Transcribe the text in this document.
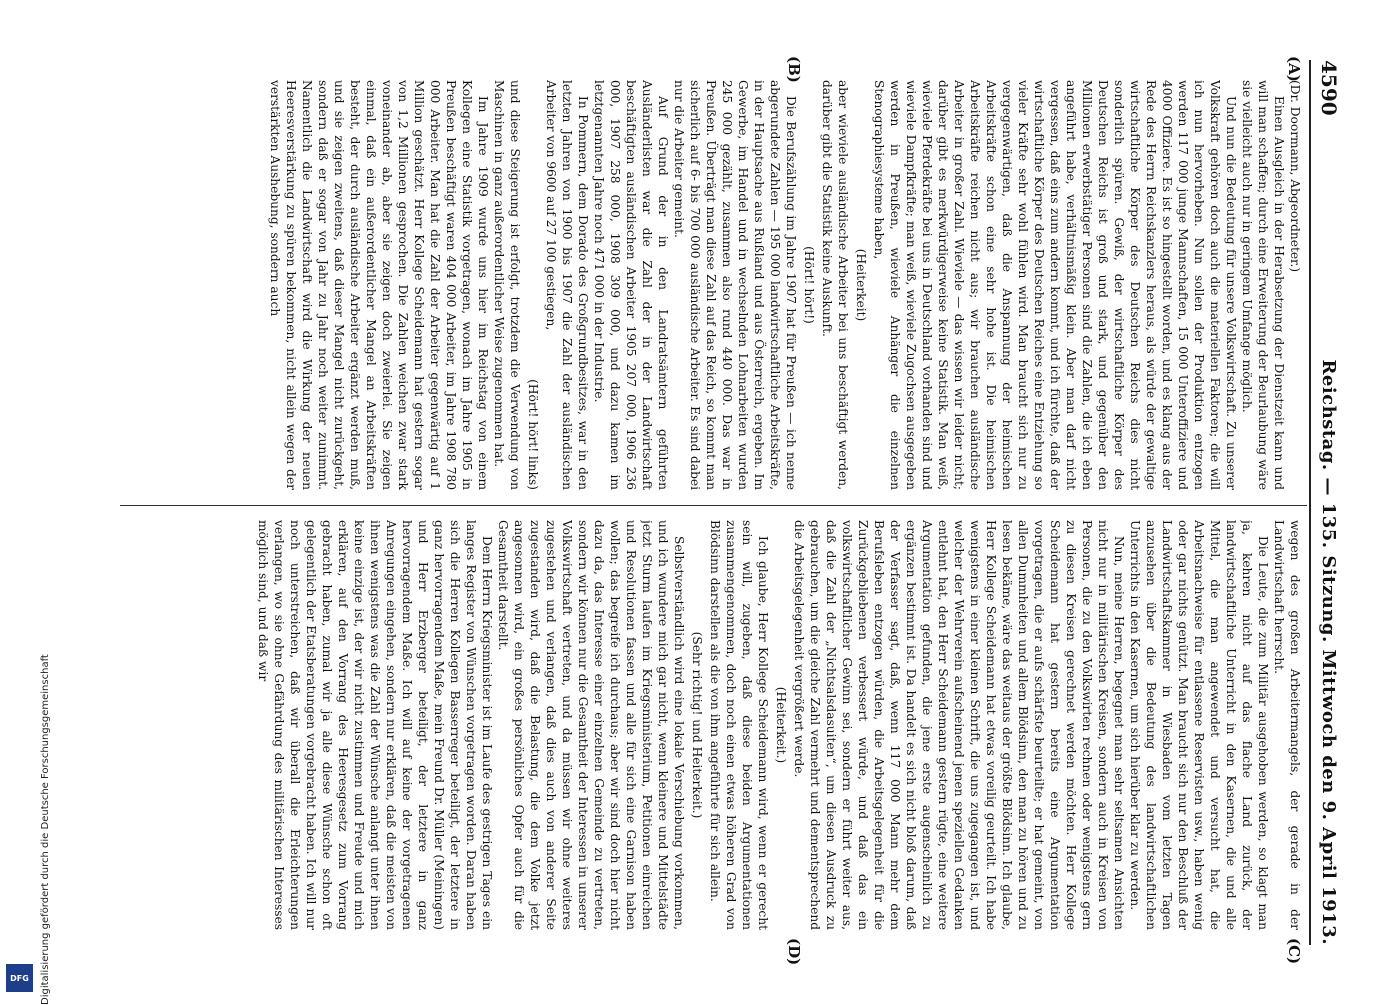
4590
Reichstag. — 135. Sitzung. Mittwoch den 9. April 1913.
(A)
(B)
(C)
(D)

(Dr. Doormann, Abgeordneter.)

Einen Ausgleich in der Herabsetzung der Dienstzeit kann und will man schaffen; durch eine Erweiterung der Beurlaubung wäre sie vielleicht auch nur in geringem Umfange möglich.

Und nun die Bedeutung für unsere Volkswirtschaft. Zu unserer Volkskraft gehören doch auch die materiellen Faktoren; die will ich nun hervorheben. Nun sollen der Produktion entzogen werden 117 000 junge Mannschaften, 15 000 Unteroffiziere und 4000 Offiziere. Es ist so hingestellt worden, und es klang aus der Rede des Herrn Reichskanzlers heraus, als würde der gewaltige wirtschaftliche Körper des Deutschen Reichs dies nicht sonderlich spüren. Gewiß, der wirtschaftliche Körper des Deutschen Reichs ist groß und stark, und gegenüber den Millionen erwerbstätiger Personen sind die Zahlen, die ich eben angeführt habe, verhältnismäßig klein. Aber man darf nicht vergessen, daß eins zum andern kommt, und ich fürchte, daß der wirtschaftliche Körper des Deutschen Reiches eine Entziehung so vieler Kräfte sehr wohl fühlen wird. Man braucht sich nur zu vergegenwärtigen, daß die Anspannung der heimischen Arbeitskräfte schon eine sehr hohe ist. Die heimischen Arbeitskräfte reichen nicht aus; wir brauchen ausländische Arbeiter in großer Zahl. Wieviele — das wissen wir leider nicht; darüber gibt es merkwürdigerweise keine Statistik. Man weiß, wieviele Pferdekräfte bei uns in Deutschland vorhanden sind und wieviele Dampfkräfte; man weiß, wieviele Zugochsen ausgegeben werden in Preußen, wieviele Anhänger die einzelnen Stenographiesysteme haben,

(Heiterkeit)

aber wieviele ausländische Arbeiter bei uns beschäftigt werden, darüber gibt die Statistik keine Auskunft.

(Hört! hört!)

Die Berufszählung im Jahre 1907 hat für Preußen — ich nenne abgerundete Zahlen — 195 000 landwirtschaftliche Arbeitskräfte, in der Hauptsache aus Rußland und aus Österreich, ergeben. Im Gewerbe, im Handel und in wechselnden Lohnarbeiten wurden 245 000 gezählt, zusammen also rund 440 000. Das war in Preußen. Überträgt man diese Zahl auf das Reich, so kommt man sicherlich auf 6- bis 700 000 ausländische Arbeiter. Es sind dabei nur die Arbeiter gemeint.

Auf Grund der in den Landratsämtern geführten Ausländerlisten war die Zahl der in der Landwirtschaft beschäftigten ausländischen Arbeiter 1905 207 000, 1906 236 000, 1907 258 000, 1908 309 000, und dazu kamen im letztgenannten Jahre noch 471 000 in der Industrie.

In Pommern, dem Dorado des Großgrundbesitzes, war in den letzten Jahren von 1900 bis 1907 die Zahl der ausländischen Arbeiter von 9600 auf 27 100 gestiegen,

(Hört! hört! links)

und diese Steigerung ist erfolgt, trotzdem die Verwendung von Maschinen in ganz außerordentlicher Weise zugenommen hat.

Im Jahre 1909 wurde uns hier im Reichstag von einem Kollegen eine Statistik vorgetragen, wonach im Jahre 1905 in Preußen beschäftigt waren 404 000 Arbeiter, im Jahre 1908 780 000 Arbeiter. Man hat die Zahl der Arbeiter gegenwärtig auf 1 Million geschätzt. Herr Kollege Scheidemann hat gestern sogar von 1,2 Millionen gesprochen. Die Zahlen weichen zwar stark voneinander ab, aber sie zeigen doch zweierlei. Sie zeigen einmal, daß ein außerordentlicher Mangel an Arbeitskräften besteht, der durch ausländische Arbeiter ergänzt werden muß, und sie zeigen zweitens, daß dieser Mangel nicht zurückgeht, sondern daß er sogar von Jahr zu Jahr noch weiter zunimmt. Namentlich die Landwirtschaft wird die Wirkung der neuen Heeresverstärkung zu spüren bekommen, nicht allein wegen der verstärkten Aushebung, sondern auch

wegen des großen Arbeitermangels, der gerade in der Landwirtschaft herrscht.

Die Leute, die zum Militär ausgehoben werden, so klagt man ja, kehren nicht auf das flache Land zurück, der landwirtschaftliche Unterricht in den Kasernen, die und alle Mittel, die man angewendet und versucht hat, die Arbeitsnachweise für entlassene Reservisten usw., haben wenig oder gar nichts genützt. Man braucht sich nur den Beschluß der Landwirtschaftskammer in Wiesbaden vom letzten Tagen anzusehen über die Bedeutung des landwirtschaftlichen Unterrichts in den Kasernen, um sich hierüber klar zu werden.

Nun, meine Herren, begegnet man sehr seltsamen Ansichten nicht nur in militärischen Kreisen, sondern auch in Kreisen von Personen, die zu den Volkswirten rechnen oder wenigstens gern zu diesen Kreisen gerechnet werden möchten. Herr Kollege Scheidemann hat gestern bereits eine Argumentation vorgetragen, die er aufs schärfste beurteilte; er hat gemeint, von allen Dummheiten und allem Blödsinn, den man zu hören und zu lesen bekäme, wäre das weitaus der größte Blödsinn. Ich glaube, Herr Kollege Scheidemann hat etwas voreilig geurteilt. Ich habe wenigstens in einer kleinen Schrift, die uns zugegangen ist, und welcher der Wehrverein aufscheinend jenen speziellen Gedanken entlehnt hat, den Herr Scheidemann gestern rügte, eine weitere Argumentation gefunden, die jene erste augenscheinlich zu ergänzen bestimmt ist. Da handelt es sich nicht bloß darum, daß der Verfasser sagt, daß, wenn 117 000 Mann mehr dem Berufsleben entzogen würden, die Arbeitsgelegenheit für die Zurückgebliebenen verbessert würde, und daß das ein volkswirtschaftlicher Gewinn sei, sondern er führt weiter aus, daß die Zahl der „Nichtsalsdasuiten“, um diesen Ausdruck zu gebrauchen, um die gleiche Zahl vermehrt und dementsprechend die Arbeitsgelegenheit vergrößert werde.

(Heiterkeit.)

Ich glaube, Herr Kollege Scheidemann wird, wenn er gerecht sein will, zugeben, daß diese beiden Argumentationen zusammengenommen, doch noch einen etwas höheren Grad von Blödsinn darstellen als die von ihm angeführte für sich allein.

(Sehr richtig! und Heiterkeit.)

Selbstverständlich wird eine lokale Verschiebung vorkommen, und ich wundere mich gar nicht, wenn kleinere und Mittelstädte jetzt Sturm laufen im Kriegsministerium, Petitionen einreichen und Resolutionen fassen und alle für sich eine Garnison haben wollen; das begreife ich durchaus; aber wir sind doch hier nicht dazu da, das Interesse einer einzelnen Gemeinde zu vertreten, sondern wir können nur die Gesamtheit der Interessen in unserer Volkswirtschaft vertreten, und da müssen wir ohne weiteres zugestehen und verlangen, daß dies auch von anderer Seite zugestanden wird, daß die Belastung, die dem Volke jetzt angesonnen wird, ein großes persönliches Opfer auch für die Gesamtheit darstellt.

Dem Herrn Kriegsminister ist im Laufe des gestrigen Tages ein langes Register von Wünschen vorgetragen worden. Daran haben sich die Herren Kollegen Basserreger beteiligt, der letztere in ganz hervorragendem Maße, mein Freund Dr. Müller (Meiningen) und Herr Erzberger beteiligt, der letztere in ganz hervorragendem Maße. Ich will auf keine der vorgetragenen Anregungen eingehen, sondern nur erklären, daß die meisten von ihnen wenigstens was die Zahl der Wünsche anlangt unter ihnen keine einzige ist, der wir nicht zustimmen und Freude und mich erklären, auf den Vorrang des Heeresgesetz zum Vorrang gebracht haben, zumal wir ja alle diese Wünsche schon oft gelegentlich der Etatsberatungen vorgebracht haben. Ich will nur noch unterstreichen, daß wir überall die Erleichterungen verlangen, wo sie ohne Gefährdung des militärischen Interesses möglich sind, und daß wir

Digitalisierung gefördert durch die Deutsche Forschungsgemeinschaft
DFG
